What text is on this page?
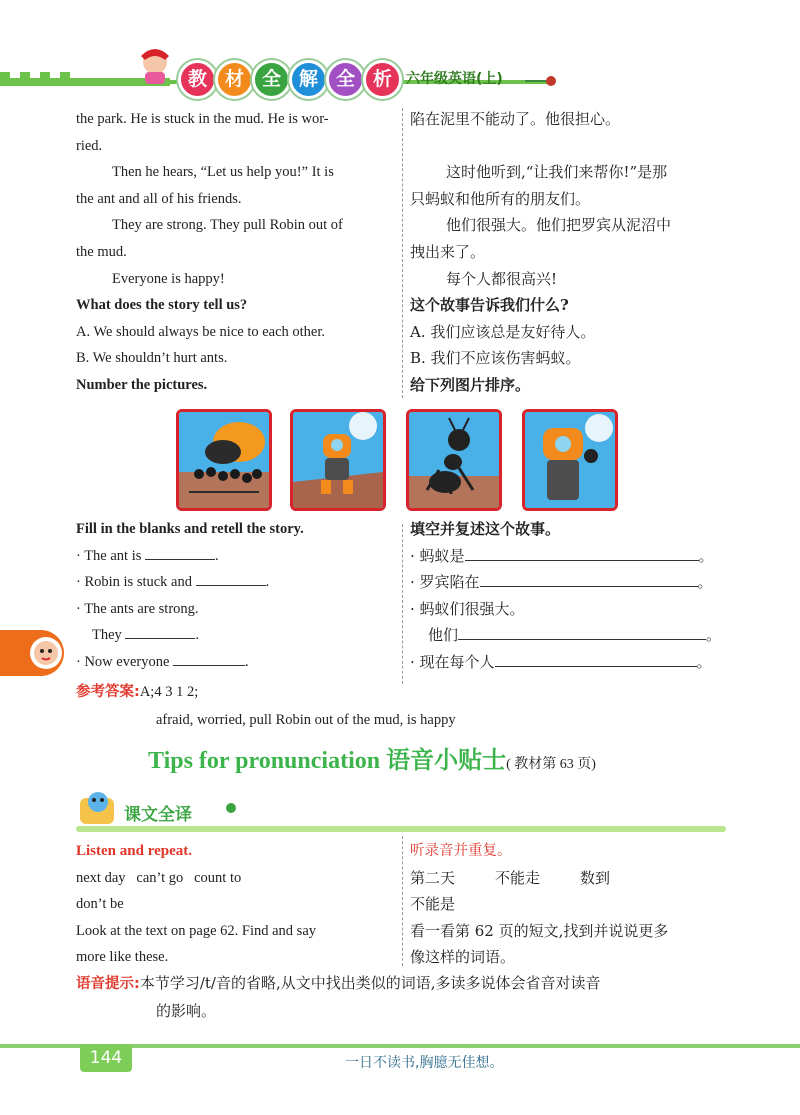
教 材 全 解 全 析	六年级英语(上)
the park. He is stuck in the mud. He is wor-
ried.
Then he hears, “Let us help you!” It is
the ant and all of his friends.
They are strong. They pull Robin out of
the mud.
Everyone is happy!
What does the story tell us?
A. We should always be nice to each other.
B. We shouldn’t hurt ants.
Number the pictures.
陷在泥里不能动了。他很担心。

这时他听到,“让我们来帮你!”是那
只蚂蚁和他所有的朋友们。
他们很强大。他们把罗宾从泥沼中
拽出来了。
每个人都很高兴!
这个故事告诉我们什么?
A. 我们应该总是友好待人。
B. 我们不应该伤害蚂蚁。
给下列图片排序。
Fill in the blanks and retell the story.
· The ant is	.
· Robin is stuck and	.
· The ants are strong.
They	.
· Now everyone	.
填空并复述这个故事。
· 蚂蚁是	。
· 罗宾陷在	。
· 蚂蚁们很强大。
他们	。
· 现在每个人	。
参考答案:A;4 3 1 2;
afraid, worried, pull Robin out of the mud, is happy
Tips for pronunciation 语音小贴士( 教材第 63 页)
课文全译
Listen and repeat.
next day can’t go count to
don’t be
Look at the text on page 62. Find and say
more like these.
听录音并重复。
第二天	不能走	数到
不能是
看一看第 62 页的短文,找到并说说更多
像这样的词语。
语音提示:本节学习/t/音的省略,从文中找出类似的词语,多读多说体会省音对读音
的影响。
144	一日不读书,胸臆无佳想。
